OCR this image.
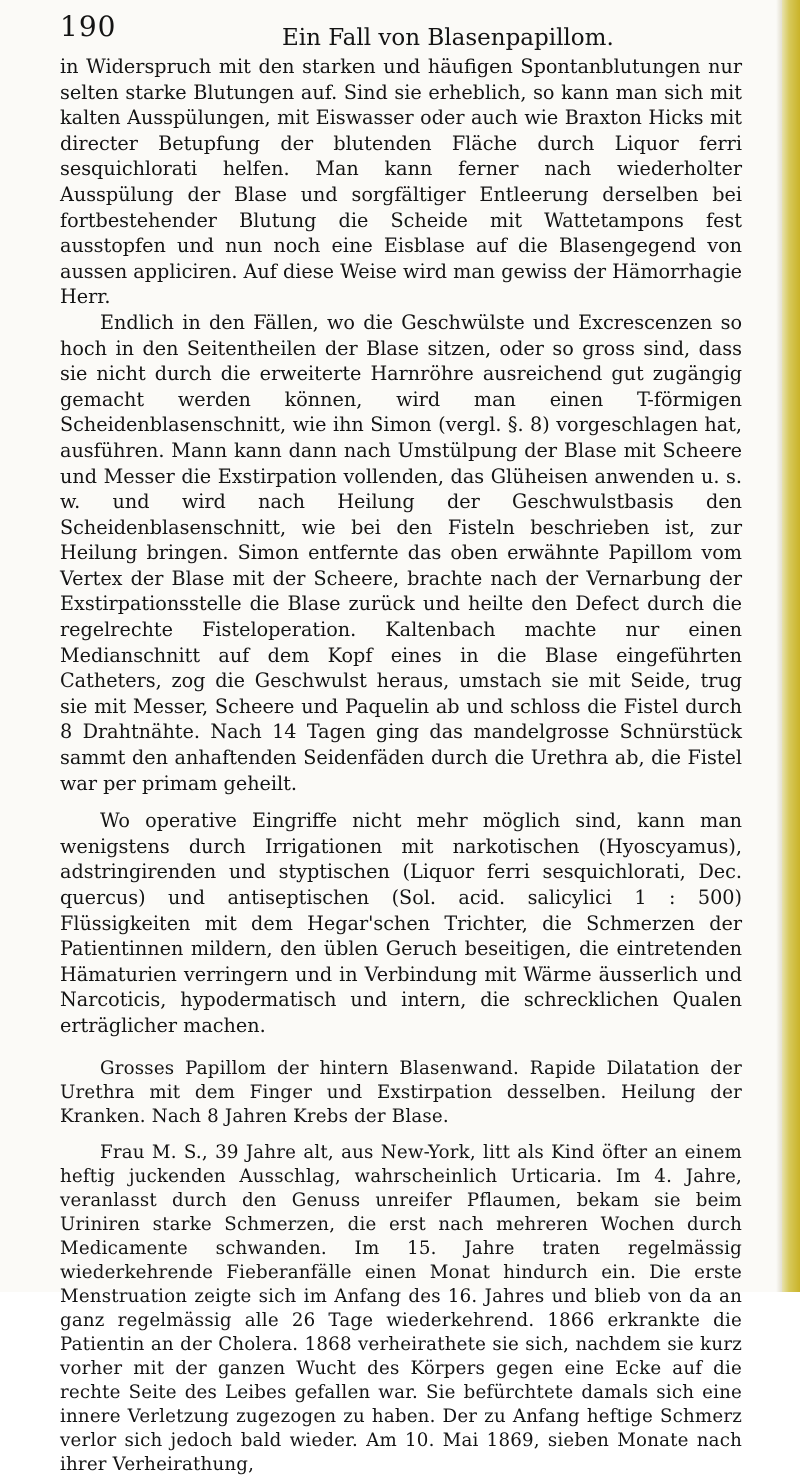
190	Ein Fall von Blasenpapillom.

in Widerspruch mit den starken und häufigen Spontanblutungen nur selten starke Blutungen auf. Sind sie erheblich, so kann man sich mit kalten Ausspülungen, mit Eiswasser oder auch wie Braxton Hicks mit directer Betupfung der blutenden Fläche durch Liquor ferri sesquichlorati helfen. Man kann ferner nach wiederholter Ausspülung der Blase und sorgfältiger Entleerung derselben bei fortbestehender Blutung die Scheide mit Wattetampons fest ausstopfen und nun noch eine Eisblase auf die Blasengegend von aussen appliciren. Auf diese Weise wird man gewiss der Hämorrhagie Herr.

Endlich in den Fällen, wo die Geschwülste und Excrescenzen so hoch in den Seitentheilen der Blase sitzen, oder so gross sind, dass sie nicht durch die erweiterte Harnröhre ausreichend gut zugängig gemacht werden können, wird man einen T-förmigen Scheidenblasenschnitt, wie ihn Simon (vergl. §. 8) vorgeschlagen hat, ausführen. Mann kann dann nach Umstülpung der Blase mit Scheere und Messer die Exstirpation vollenden, das Glüheisen anwenden u. s. w. und wird nach Heilung der Geschwulstbasis den Scheidenblasenschnitt, wie bei den Fisteln beschrieben ist, zur Heilung bringen. Simon entfernte das oben erwähnte Papillom vom Vertex der Blase mit der Scheere, brachte nach der Vernarbung der Exstirpationsstelle die Blase zurück und heilte den Defect durch die regelrechte Fisteloperation. Kaltenbach machte nur einen Medianschnitt auf dem Kopf eines in die Blase eingeführten Catheters, zog die Geschwulst heraus, umstach sie mit Seide, trug sie mit Messer, Scheere und Paquelin ab und schloss die Fistel durch 8 Drahtnähte. Nach 14 Tagen ging das mandelgrosse Schnürstück sammt den anhaftenden Seidenfäden durch die Urethra ab, die Fistel war per primam geheilt.

Wo operative Eingriffe nicht mehr möglich sind, kann man wenigstens durch Irrigationen mit narkotischen (Hyoscyamus), adstringirenden und styptischen (Liquor ferri sesquichlorati, Dec. quercus) und antiseptischen (Sol. acid. salicylici 1 : 500) Flüssigkeiten mit dem Hegar'schen Trichter, die Schmerzen der Patientinnen mildern, den üblen Geruch beseitigen, die eintretenden Hämaturien verringern und in Verbindung mit Wärme äusserlich und Narcoticis, hypodermatisch und intern, die schrecklichen Qualen erträglicher machen.

Grosses Papillom der hintern Blasenwand. Rapide Dilatation der Urethra mit dem Finger und Exstirpation desselben. Heilung der Kranken. Nach 8 Jahren Krebs der Blase.

Frau M. S., 39 Jahre alt, aus New-York, litt als Kind öfter an einem heftig juckenden Ausschlag, wahrscheinlich Urticaria. Im 4. Jahre, veranlasst durch den Genuss unreifer Pflaumen, bekam sie beim Uriniren starke Schmerzen, die erst nach mehreren Wochen durch Medicamente schwanden. Im 15. Jahre traten regelmässig wiederkehrende Fieberanfälle einen Monat hindurch ein. Die erste Menstruation zeigte sich im Anfang des 16. Jahres und blieb von da an ganz regelmässig alle 26 Tage wiederkehrend. 1866 erkrankte die Patientin an der Cholera. 1868 verheirathete sie sich, nachdem sie kurz vorher mit der ganzen Wucht des Körpers gegen eine Ecke auf die rechte Seite des Leibes gefallen war. Sie befürchtete damals sich eine innere Verletzung zugezogen zu haben. Der zu Anfang heftige Schmerz verlor sich jedoch bald wieder. Am 10. Mai 1869, sieben Monate nach ihrer Verheirathung,
